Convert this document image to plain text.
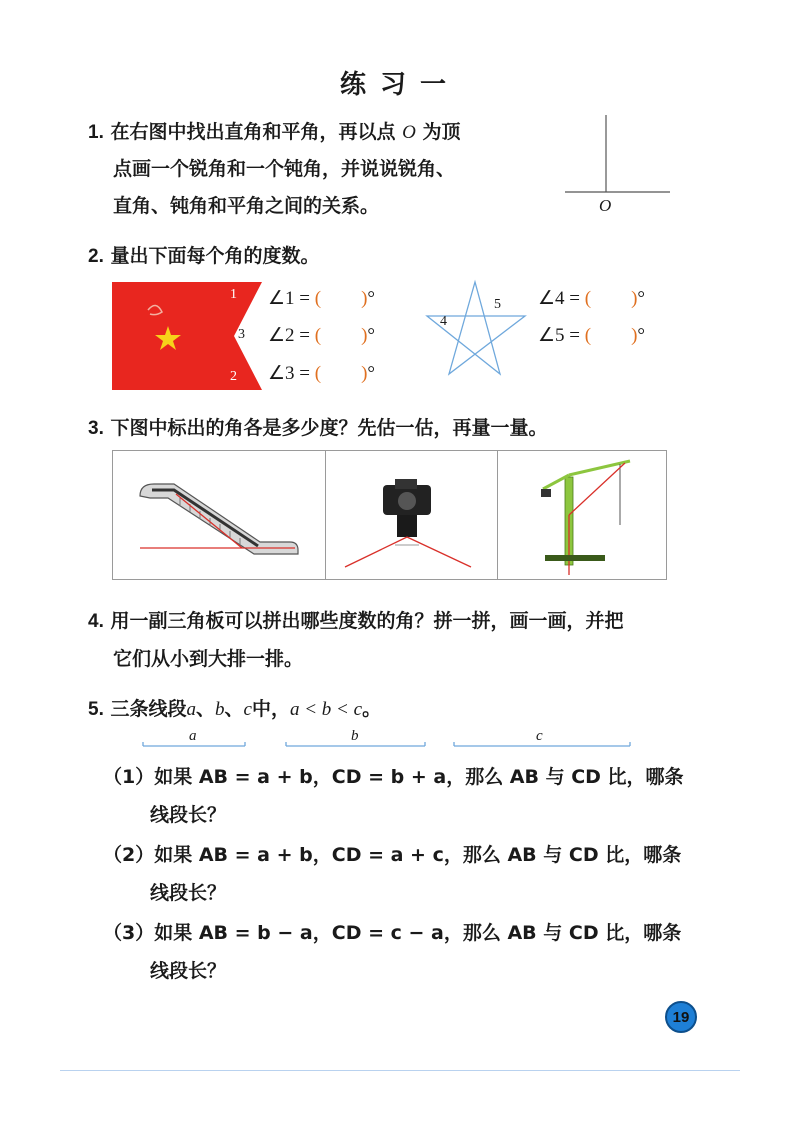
练习一
1. 在右图中找出直角和平角，再以点 O 为顶
点画一个锐角和一个钝角，并说说锐角、
直角、钝角和平角之间的关系。	O
2. 量出下面每个角的度数。
1
3
2
∠1 = ( )°
∠2 = ( )°
∠3 = ( )°
5
4
∠4 = ( )°
∠5 = ( )°
3. 下图中标出的角各是多少度？先估一估，再量一量。
4. 用一副三角板可以拼出哪些度数的角？拼一拼，画一画，并把
它们从小到大排一排。
5. 三条线段a、b、c中，a < b < c。
a	b	c
（1）如果 AB = a + b，CD = b + a，那么 AB 与 CD 比，哪条
线段长？
（2）如果 AB = a + b，CD = a + c，那么 AB 与 CD 比，哪条
线段长？
（3）如果 AB = b − a，CD = c − a，那么 AB 与 CD 比，哪条
线段长？
19
